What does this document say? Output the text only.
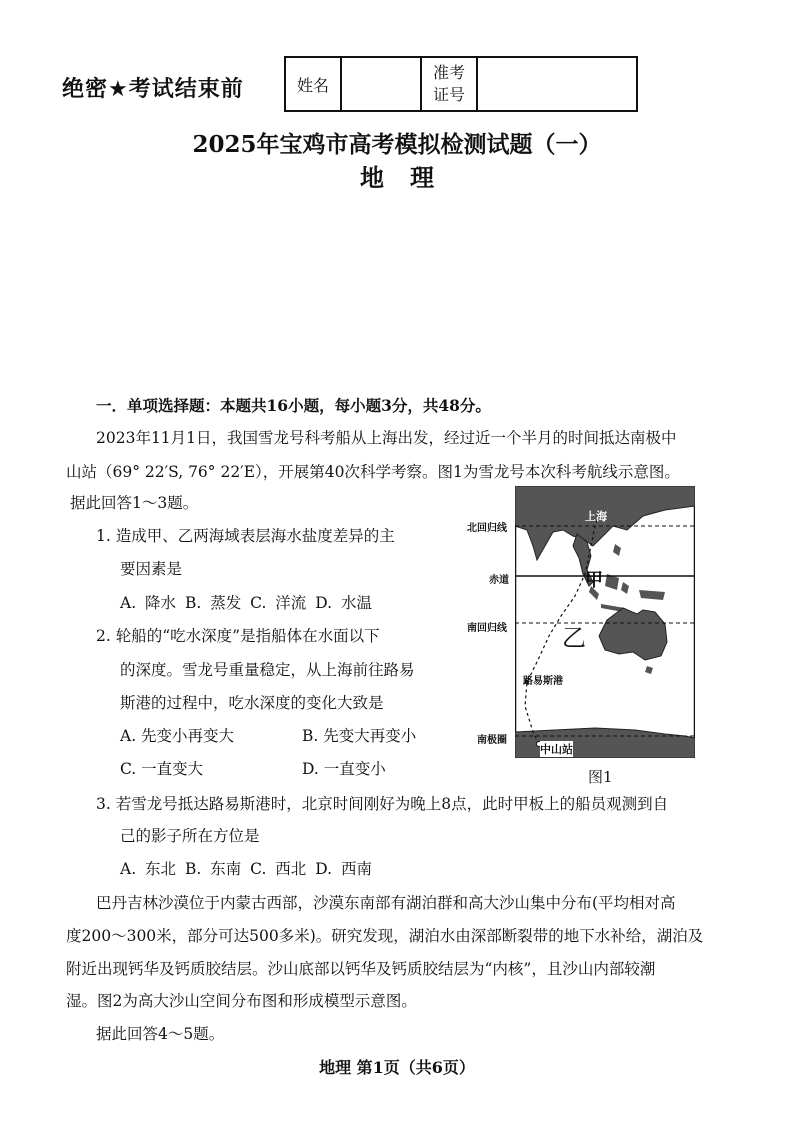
绝密★考试结束前	姓名		准考
证号	
2025年宝鸡市高考模拟检测试题（一）
地理
一．单项选择题：本题共16小题，每小题3分，共48分。
2023年11月1日，我国雪龙号科考船从上海出发，经过近一个半月的时间抵达南极中
山站（69° 22′S, 76° 22′E），开展第40次科学考察。图1为雪龙号本次科考航线示意图。
据此回答1～3题。
1. 造成甲、乙两海域表层海水盐度差异的主
要因素是
A. 降水 B. 蒸发 C. 洋流 D. 水温
2. 轮船的“吃水深度”是指船体在水面以下
的深度。雪龙号重量稳定，从上海前往路易
斯港的过程中，吃水深度的变化大致是
A. 先变小再变大	B. 先变大再变小
C. 一直变大	D. 一直变小
3. 若雪龙号抵达路易斯港时，北京时间刚好为晚上8点，此时甲板上的船员观测到自
己的影子所在方位是
A. 东北 B. 东南 C. 西北 D. 西南
巴丹吉林沙漠位于内蒙古西部，沙漠东南部有湖泊群和高大沙山集中分布(平均相对高
度200～300米，部分可达500多米)。研究发现，湖泊水由深部断裂带的地下水补给，湖泊及
附近出现钙华及钙质胶结层。沙山底部以钙华及钙质胶结层为“内核”，且沙山内部较潮
湿。图2为高大沙山空间分布图和形成模型示意图。
据此回答4～5题。
北回归线
赤道
南回归线
南极圈
上海
甲
乙
路易斯港
中山站
图1
地理 第1页（共6页）
